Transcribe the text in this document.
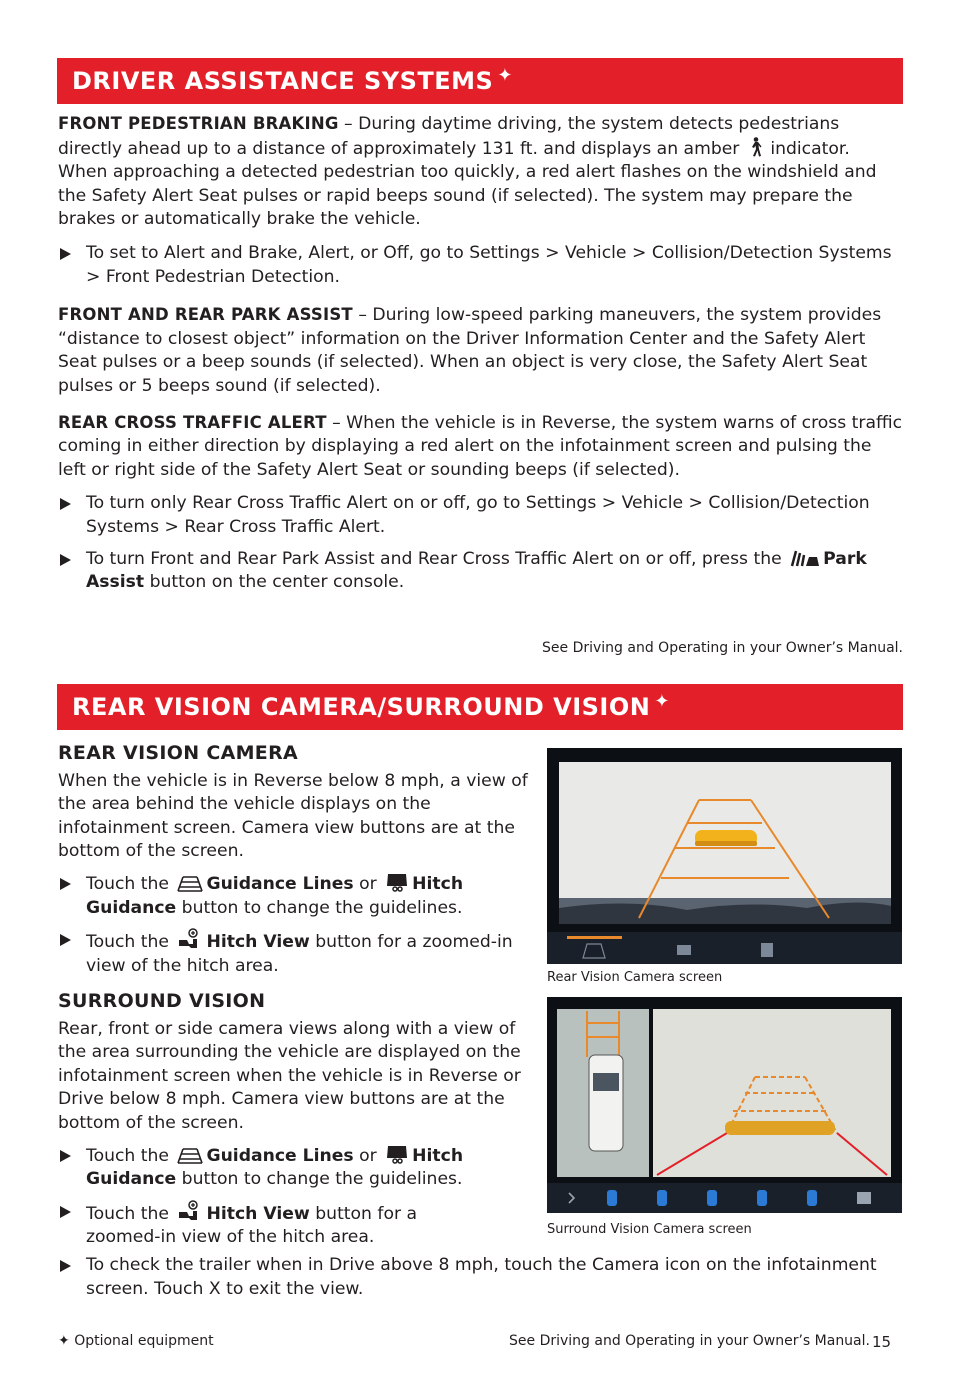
DRIVER ASSISTANCE SYSTEMS ✦

FRONT PEDESTRIAN BRAKING – During daytime driving, the system detects pedestrians directly ahead up to a distance of approximately 131 ft. and displays an amber indicator. When approaching a detected pedestrian too quickly, a red alert flashes on the windshield and the Safety Alert Seat pulses or rapid beeps sound (if selected). The system may prepare the brakes or automatically brake the vehicle.

To set to Alert and Brake, Alert, or Off, go to Settings > Vehicle > Collision/Detection Systems > Front Pedestrian Detection.

FRONT AND REAR PARK ASSIST – During low-speed parking maneuvers, the system provides “distance to closest object” information on the Driver Information Center and the Safety Alert Seat pulses or a beep sounds (if selected). When an object is very close, the Safety Alert Seat pulses or 5 beeps sound (if selected).

REAR CROSS TRAFFIC ALERT – When the vehicle is in Reverse, the system warns of cross traffic coming in either direction by displaying a red alert on the infotainment screen and pulsing the left or right side of the Safety Alert Seat or sounding beeps (if selected).

To turn only Rear Cross Traffic Alert on or off, go to Settings > Vehicle > Collision/Detection Systems > Rear Cross Traffic Alert.
To turn Front and Rear Park Assist and Rear Cross Traffic Alert on or off, press the Park Assist button on the center console.
See Driving and Operating in your Owner’s Manual.
REAR VISION CAMERA/SURROUND VISION ✦
REAR VISION CAMERA

When the vehicle is in Reverse below 8 mph, a view of the area behind the vehicle displays on the infotainment screen. Camera view buttons are at the bottom of the screen.

Touch the Guidance Lines or Hitch Guidance button to change the guidelines.
Touch the Hitch View button for a zoomed-in view of the hitch area.
SURROUND VISION

Rear, front or side camera views along with a view of the area surrounding the vehicle are displayed on the infotainment screen when the vehicle is in Reverse or Drive below 8 mph. Camera view buttons are at the bottom of the screen.

Touch the Guidance Lines or Hitch Guidance button to change the guidelines.
Touch the Hitch View button for a zoomed-in view of the hitch area.
To check the trailer when in Drive above 8 mph, touch the Camera icon on the infotainment screen. Touch X to exit the view.
Rear Vision Camera screen
Surround Vision Camera screen
✦ Optional equipment	See Driving and Operating in your Owner’s Manual. 15
